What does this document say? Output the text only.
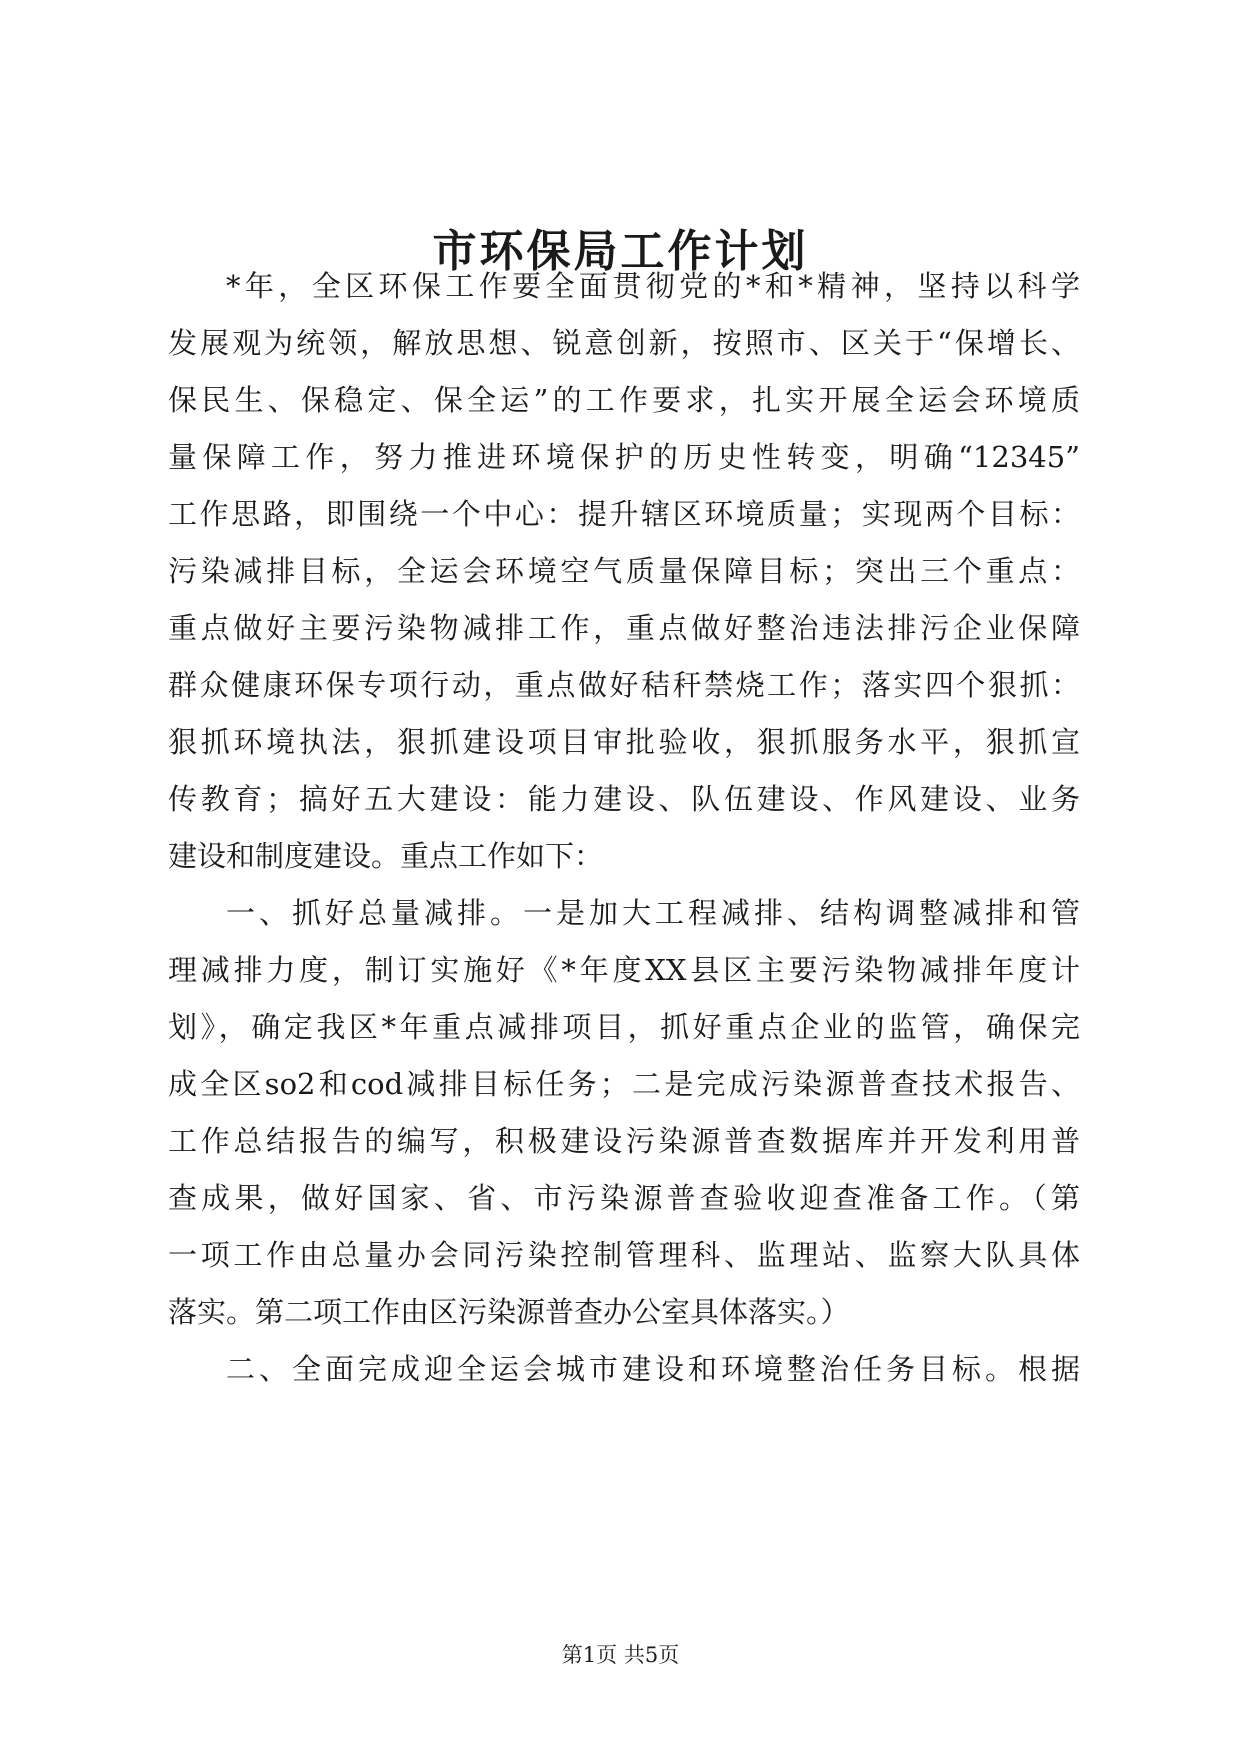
市环保局工作计划

*年，全区环保工作要全面贯彻党的*和*精神，坚持以科学

发展观为统领，解放思想、锐意创新，按照市、区关于“保增长、

保民生、保稳定、保全运”的工作要求，扎实开展全运会环境质

量保障工作，努力推进环境保护的历史性转变，明确“12345”

工作思路，即围绕一个中心：提升辖区环境质量；实现两个目标：

污染减排目标，全运会环境空气质量保障目标；突出三个重点：

重点做好主要污染物减排工作，重点做好整治违法排污企业保障

群众健康环保专项行动，重点做好秸秆禁烧工作；落实四个狠抓：

狠抓环境执法，狠抓建设项目审批验收，狠抓服务水平，狠抓宣

传教育；搞好五大建设：能力建设、队伍建设、作风建设、业务

建设和制度建设。重点工作如下：

一、抓好总量减排。一是加大工程减排、结构调整减排和管

理减排力度，制订实施好《*年度XX县区主要污染物减排年度计

划》，确定我区*年重点减排项目，抓好重点企业的监管，确保完

成全区so2和cod减排目标任务；二是完成污染源普查技术报告、

工作总结报告的编写，积极建设污染源普查数据库并开发利用普

查成果，做好国家、省、市污染源普查验收迎查准备工作。（第

一项工作由总量办会同污染控制管理科、监理站、监察大队具体

落实。第二项工作由区污染源普查办公室具体落实。）

二、全面完成迎全运会城市建设和环境整治任务目标。根据

第1页 共5页
